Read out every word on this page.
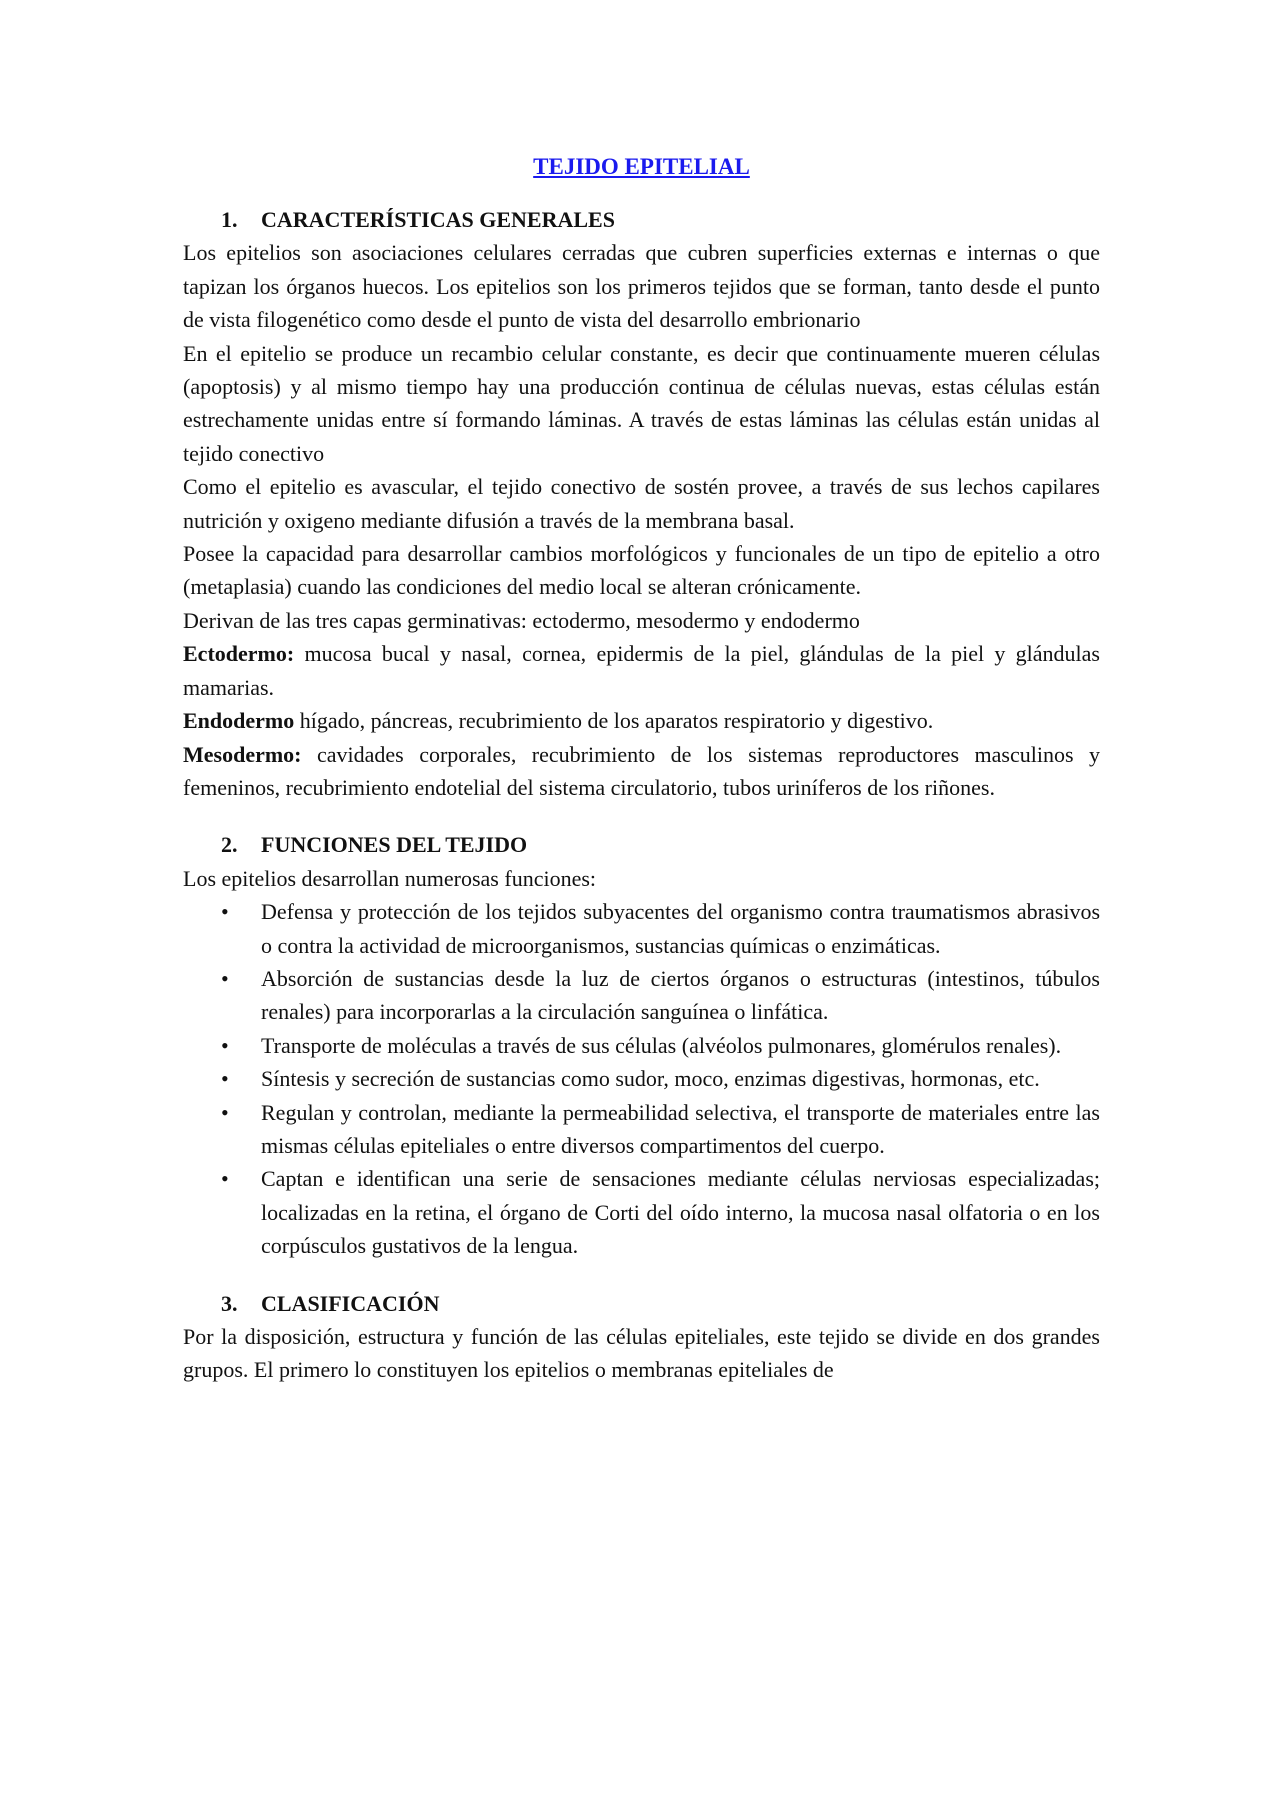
TEJIDO EPITELIAL
1. CARACTERÍSTICAS GENERALES

Los epitelios son asociaciones celulares cerradas que cubren superficies externas e internas o que tapizan los órganos huecos. Los epitelios son los primeros tejidos que se forman, tanto desde el punto de vista filogenético como desde el punto de vista del desarrollo embrionario

En el epitelio se produce un recambio celular constante, es decir que continuamente mueren células (apoptosis) y al mismo tiempo hay una producción continua de células nuevas, estas células están estrechamente unidas entre sí formando láminas. A través de estas láminas las células están unidas al tejido conectivo

Como el epitelio es avascular, el tejido conectivo de sostén provee, a través de sus lechos capilares nutrición y oxigeno mediante difusión a través de la membrana basal.

Posee la capacidad para desarrollar cambios morfológicos y funcionales de un tipo de epitelio a otro (metaplasia) cuando las condiciones del medio local se alteran crónicamente.

Derivan de las tres capas germinativas: ectodermo, mesodermo y endodermo

Ectodermo: mucosa bucal y nasal, cornea, epidermis de la piel, glándulas de la piel y glándulas mamarias.

Endodermo hígado, páncreas, recubrimiento de los aparatos respiratorio y digestivo.

Mesodermo: cavidades corporales, recubrimiento de los sistemas reproductores masculinos y femeninos, recubrimiento endotelial del sistema circulatorio, tubos uriníferos de los riñones.

2. FUNCIONES DEL TEJIDO

Los epitelios desarrollan numerosas funciones:

• Defensa y protección de los tejidos subyacentes del organismo contra traumatismos abrasivos o contra la actividad de microorganismos, sustancias químicas o enzimáticas.
• Absorción de sustancias desde la luz de ciertos órganos o estructuras (intestinos, túbulos renales) para incorporarlas a la circulación sanguínea o linfática.
• Transporte de moléculas a través de sus células (alvéolos pulmonares, glomérulos renales).
• Síntesis y secreción de sustancias como sudor, moco, enzimas digestivas, hormonas, etc.
• Regulan y controlan, mediante la permeabilidad selectiva, el transporte de materiales entre las mismas células epiteliales o entre diversos compartimentos del cuerpo.
• Captan e identifican una serie de sensaciones mediante células nerviosas especializadas; localizadas en la retina, el órgano de Corti del oído interno, la mucosa nasal olfatoria o en los corpúsculos gustativos de la lengua.
3. CLASIFICACIÓN

Por la disposición, estructura y función de las células epiteliales, este tejido se divide en dos grandes grupos. El primero lo constituyen los epitelios o membranas epiteliales de
